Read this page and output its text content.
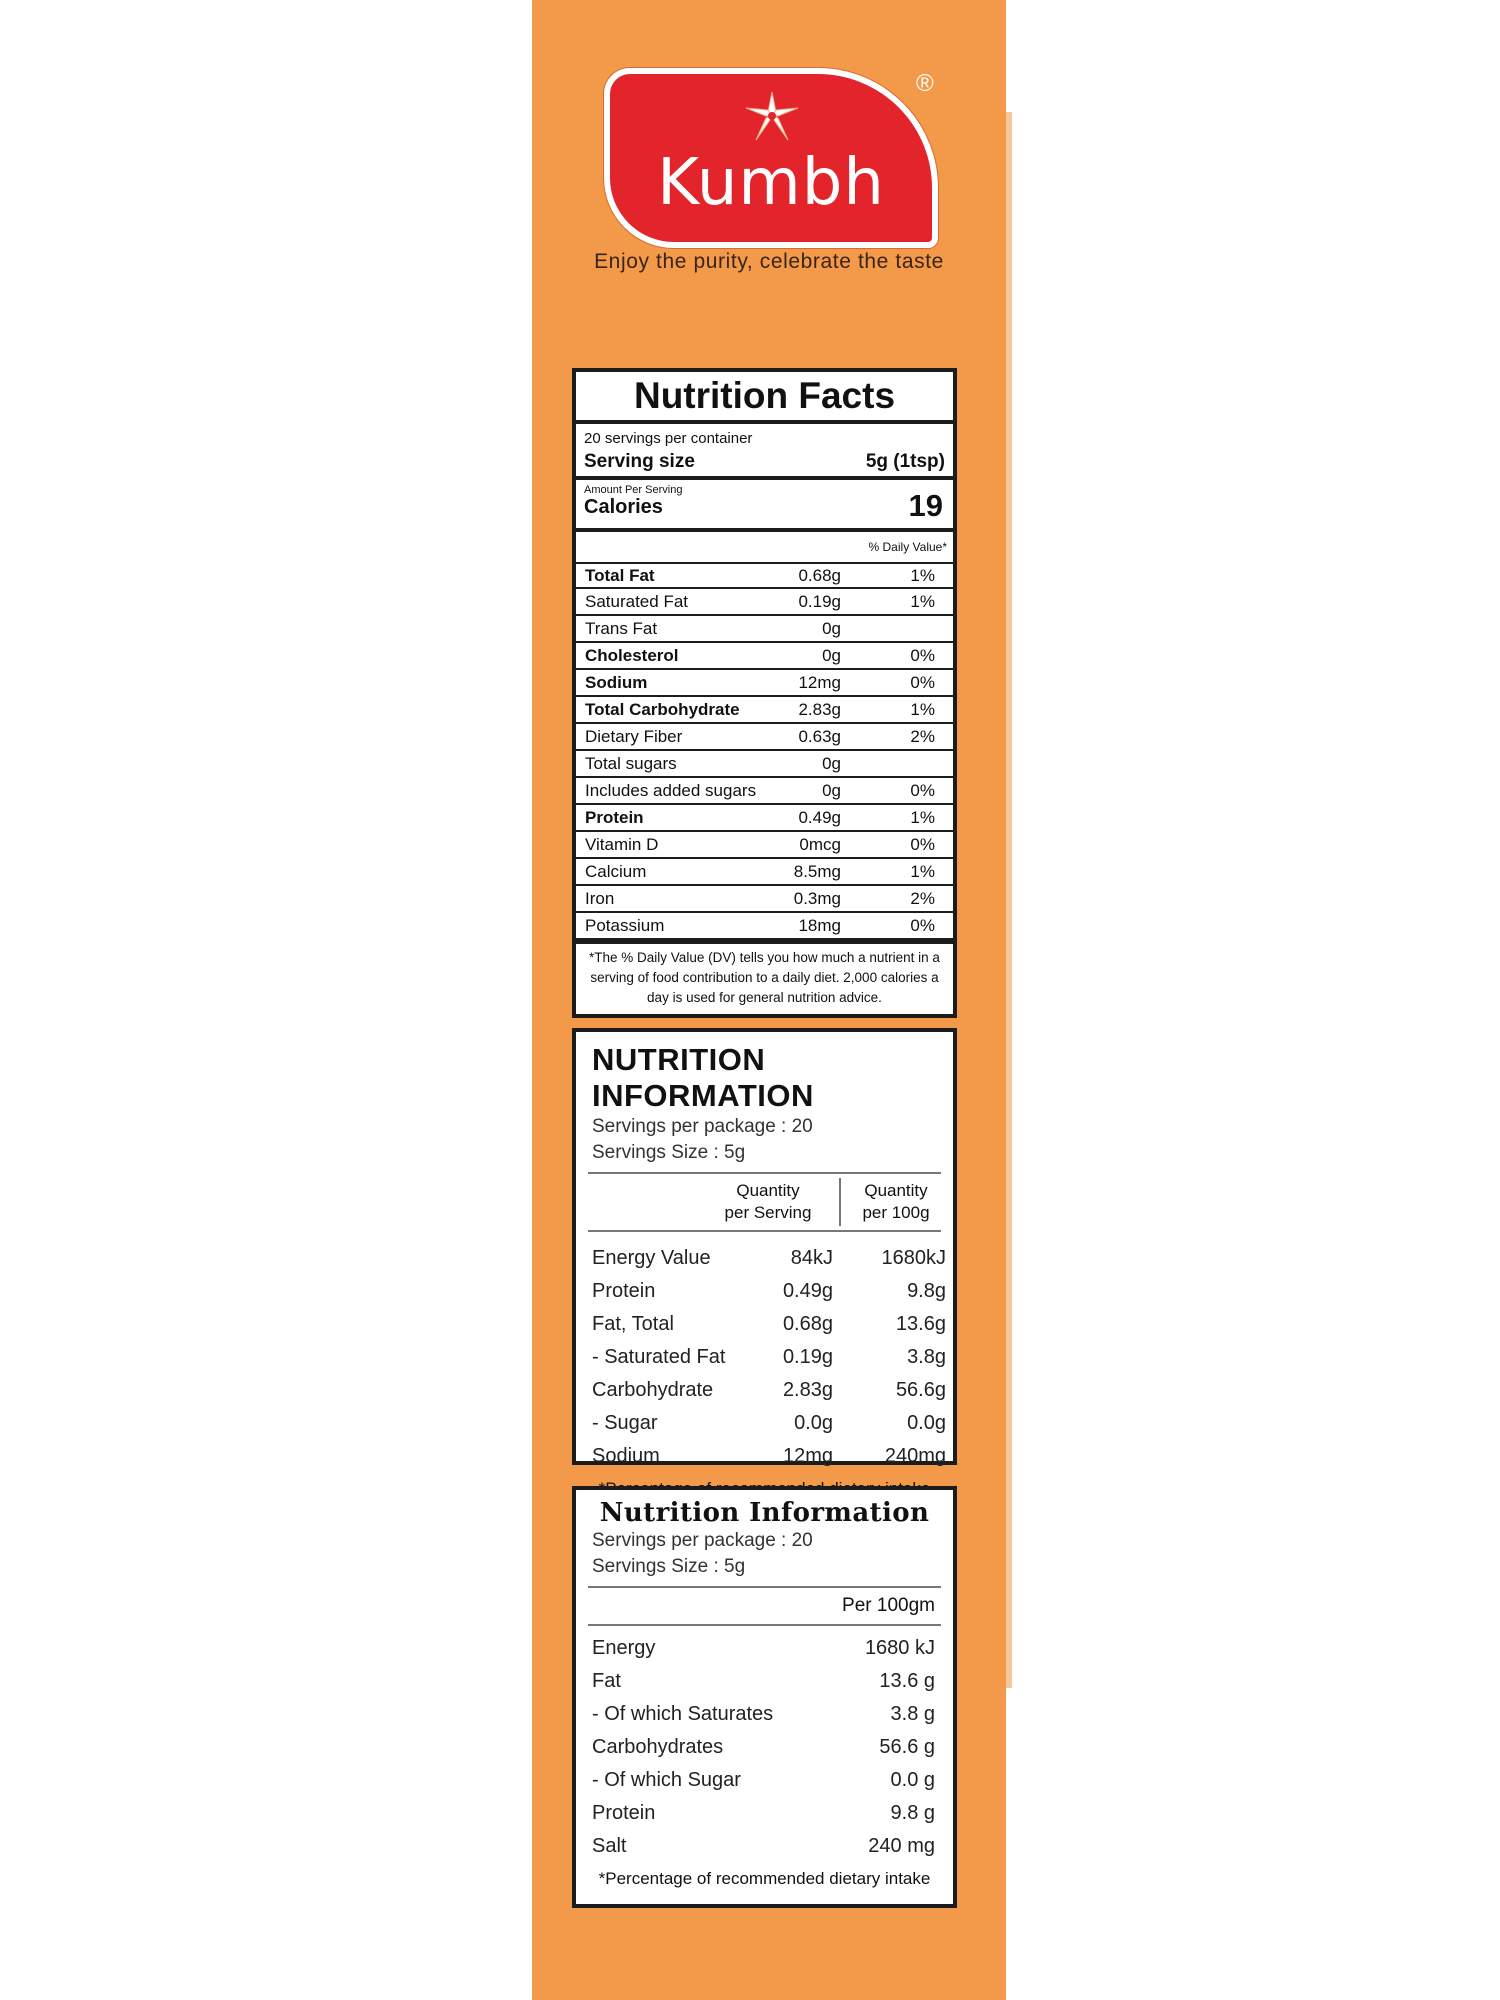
Kumbh
®
Enjoy the purity, celebrate the taste
Nutrition Facts
20 servings per container
Serving size	5g (1tsp)
Amount Per Serving
Calories	19
% Daily Value*
Total Fat	0.68g	1%
Saturated Fat	0.19g	1%
Trans Fat	0g
Cholesterol	0g	0%
Sodium	12mg	0%
Total Carbohydrate	2.83g	1%
Dietary Fiber	0.63g	2%
Total sugars	0g
Includes added sugars	0g	0%
Protein	0.49g	1%
Vitamin D	0mcg	0%
Calcium	8.5mg	1%
Iron	0.3mg	2%
Potassium	18mg	0%
*The % Daily Value (DV) tells you how much a nutrient in a serving of food contribution to a daily diet. 2,000 calories a day is used for general nutrition advice.
NUTRITION INFORMATION
Servings per package : 20
Servings Size : 5g
Quantity
per Serving
Quantity
per 100g
Energy Value	84kJ	1680kJ
Protein	0.49g	9.8g
Fat, Total	0.68g	13.6g
- Saturated Fat	0.19g	3.8g
Carbohydrate	2.83g	56.6g
- Sugar	0.0g	0.0g
Sodium	12mg	240mg
Nutrition Information
Servings per package : 20
Servings Size : 5g
Per 100gm
Energy	1680 kJ
Fat	13.6 g
- Of which Saturates	3.8 g
Carbohydrates	56.6 g
- Of which Sugar	0.0 g
Protein	9.8 g
Salt	240 mg
*Percentage of recommended dietary intake
